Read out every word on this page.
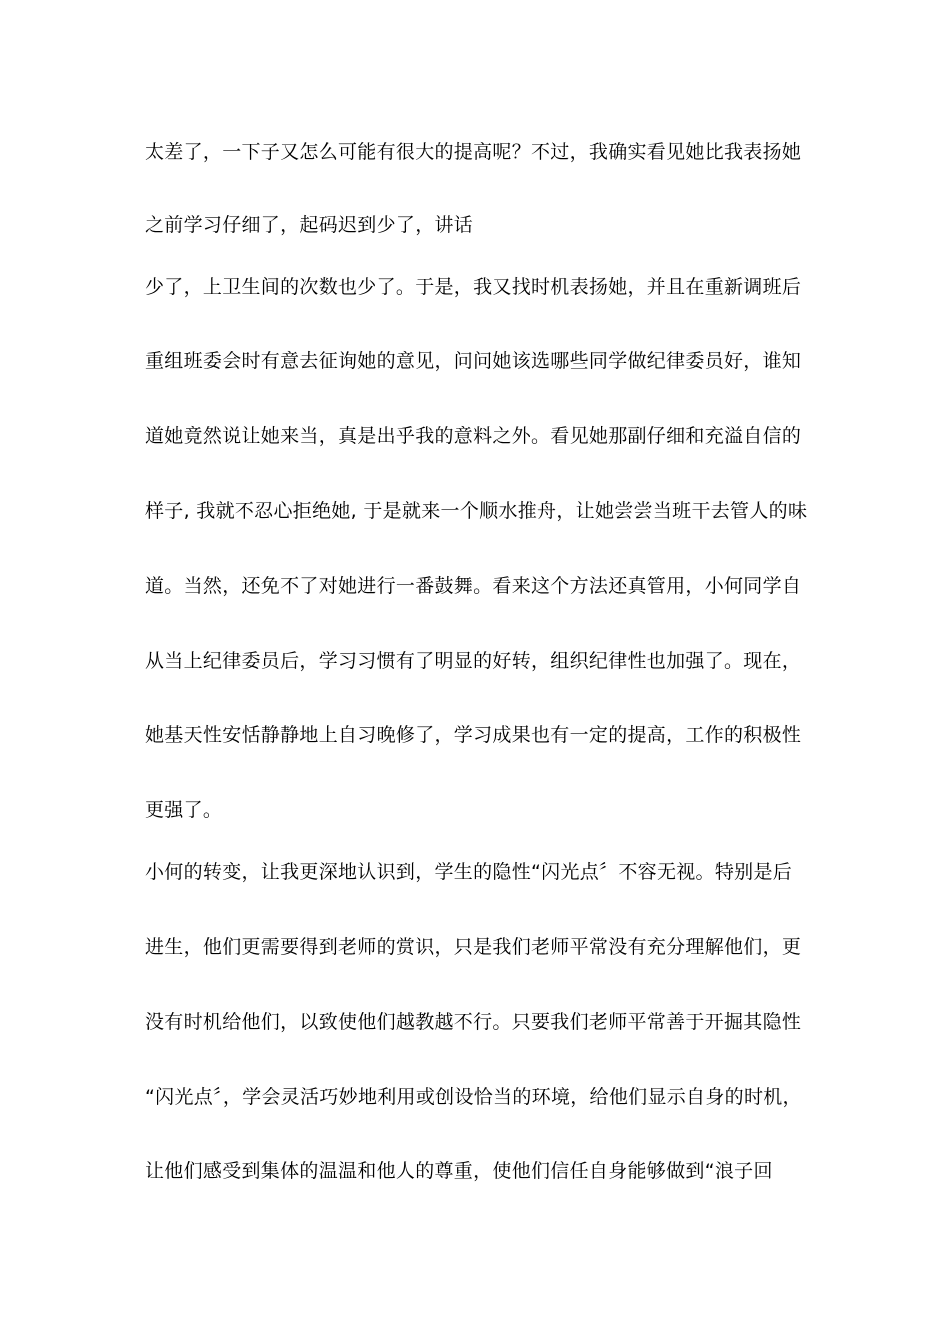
太差了，一下子又怎么可能有很大的提高呢？不过，我确实看见她比我表扬她
之前学习仔细了，起码迟到少了，讲话
少了，上卫生间的次数也少了。于是，我又找时机表扬她，并且在重新调班后
重组班委会时有意去征询她的意见，问问她该选哪些同学做纪律委员好，谁知
道她竟然说让她来当，真是出乎我的意料之外。看见她那副仔细和充溢自信的
样子, 我就不忍心拒绝她, 于是就来一个顺水推舟，让她尝尝当班干去管人的味
道。当然，还免不了对她进行一番鼓舞。看来这个方法还真管用，小何同学自
从当上纪律委员后，学习习惯有了明显的好转，组织纪律性也加强了。现在，
她基天性安恬静静地上自习晚修了，学习成果也有一定的提高，工作的积极性
更强了。
小何的转变，让我更深地认识到，学生的隐性“闪光点〞不容无视。特别是后
进生，他们更需要得到老师的赏识，只是我们老师平常没有充分理解他们，更
没有时机给他们，以致使他们越教越不行。只要我们老师平常善于开掘其隐性
“闪光点〞，学会灵活巧妙地利用或创设恰当的环境，给他们显示自身的时机，
让他们感受到集体的温温和他人的尊重，使他们信任自身能够做到“浪子回
